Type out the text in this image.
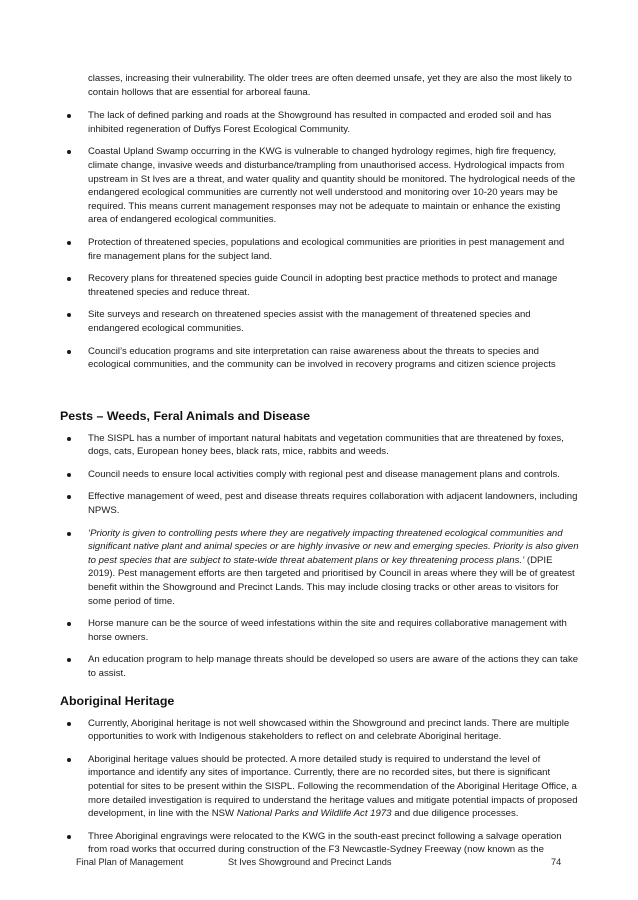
classes, increasing their vulnerability. The older trees are often deemed unsafe, yet they are also the most likely to contain hollows that are essential for arboreal fauna.

The lack of defined parking and roads at the Showground has resulted in compacted and eroded soil and has inhibited regeneration of Duffys Forest Ecological Community.
Coastal Upland Swamp occurring in the KWG is vulnerable to changed hydrology regimes, high fire frequency, climate change, invasive weeds and disturbance/trampling from unauthorised access. Hydrological impacts from upstream in St Ives are a threat, and water quality and quantity should be monitored. The hydrological needs of the endangered ecological communities are currently not well understood and monitoring over 10-20 years may be required. This means current management responses may not be adequate to maintain or enhance the existing area of endangered ecological communities.
Protection of threatened species, populations and ecological communities are priorities in pest management and fire management plans for the subject land.
Recovery plans for threatened species guide Council in adopting best practice methods to protect and manage threatened species and reduce threat.
Site surveys and research on threatened species assist with the management of threatened species and endangered ecological communities.
Council’s education programs and site interpretation can raise awareness about the threats to species and ecological communities, and the community can be involved in recovery programs and citizen science projects
Pests – Weeds, Feral Animals and Disease
The SISPL has a number of important natural habitats and vegetation communities that are threatened by foxes, dogs, cats, European honey bees, black rats, mice, rabbits and weeds.
Council needs to ensure local activities comply with regional pest and disease management plans and controls.
Effective management of weed, pest and disease threats requires collaboration with adjacent landowners, including NPWS.
‘Priority is given to controlling pests where they are negatively impacting threatened ecological communities and significant native plant and animal species or are highly invasive or new and emerging species. Priority is also given to pest species that are subject to state-wide threat abatement plans or key threatening process plans.’ (DPIE 2019). Pest management efforts are then targeted and prioritised by Council in areas where they will be of greatest benefit within the Showground and Precinct Lands. This may include closing tracks or other areas to visitors for some period of time.
Horse manure can be the source of weed infestations within the site and requires collaborative management with horse owners.
An education program to help manage threats should be developed so users are aware of the actions they can take to assist.
Aboriginal Heritage
Currently, Aboriginal heritage is not well showcased within the Showground and precinct lands. There are multiple opportunities to work with Indigenous stakeholders to reflect on and celebrate Aboriginal heritage.
Aboriginal heritage values should be protected. A more detailed study is required to understand the level of importance and identify any sites of importance. Currently, there are no recorded sites, but there is significant potential for sites to be present within the SISPL. Following the recommendation of the Aboriginal Heritage Office, a more detailed investigation is required to understand the heritage values and mitigate potential impacts of proposed development, in line with the NSW National Parks and Wildlife Act 1973 and due diligence processes.
Three Aboriginal engravings were relocated to the KWG in the south-east precinct following a salvage operation from road works that occurred during construction of the F3 Newcastle-Sydney Freeway (now known as the
Final Plan of Management	St Ives Showground and Precinct Lands	74
